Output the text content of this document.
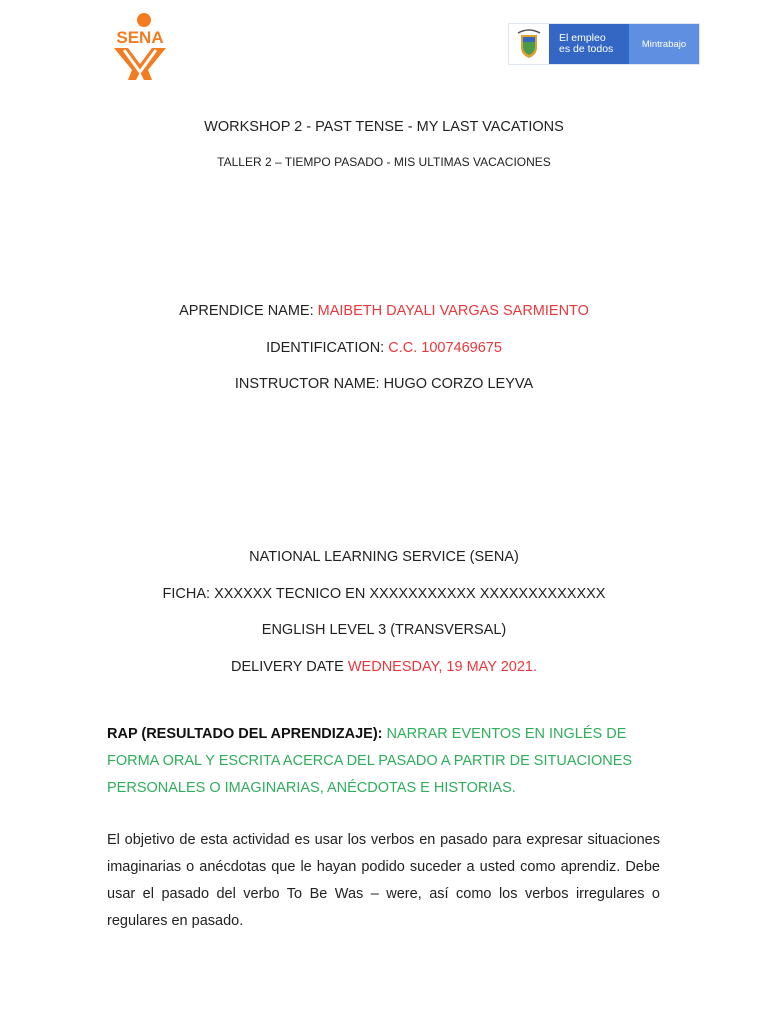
SENA	El empleo
es de todos	Mintrabajo
WORKSHOP 2 - PAST TENSE - MY LAST VACATIONS
TALLER 2 – TIEMPO PASADO - MIS ULTIMAS VACACIONES
APRENDICE NAME: MAIBETH DAYALI VARGAS SARMIENTO
IDENTIFICATION: C.C. 1007469675
INSTRUCTOR NAME: HUGO CORZO LEYVA
NATIONAL LEARNING SERVICE (SENA)
FICHA: XXXXXX TECNICO EN XXXXXXXXXXX XXXXXXXXXXXXX
ENGLISH LEVEL 3 (TRANSVERSAL)
DELIVERY DATE WEDNESDAY, 19 MAY 2021.
RAP (RESULTADO DEL APRENDIZAJE): NARRAR EVENTOS EN INGLÉS DE FORMA ORAL Y ESCRITA ACERCA DEL PASADO A PARTIR DE SITUACIONES PERSONALES O IMAGINARIAS, ANÉCDOTAS E HISTORIAS.
El objetivo de esta actividad es usar los verbos en pasado para expresar situaciones imaginarias o anécdotas que le hayan podido suceder a usted como aprendiz. Debe usar el pasado del verbo To Be Was – were, así como los verbos irregulares o regulares en pasado.
